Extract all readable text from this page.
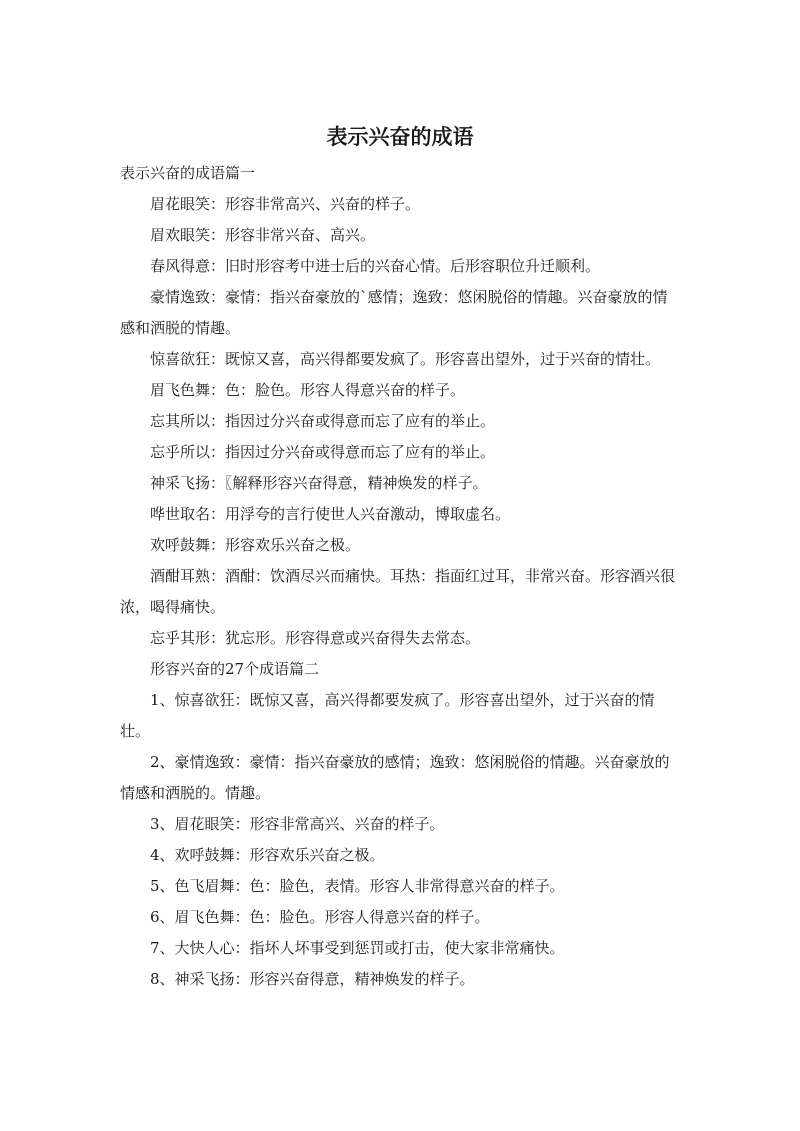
表示兴奋的成语

表示兴奋的成语篇一

眉花眼笑：形容非常高兴、兴奋的样子。

眉欢眼笑：形容非常兴奋、高兴。

春风得意：旧时形容考中进士后的兴奋心情。后形容职位升迁顺利。

豪情逸致：豪情：指兴奋豪放的`感情；逸致：悠闲脱俗的情趣。兴奋豪放的情感和洒脱的情趣。

惊喜欲狂：既惊又喜，高兴得都要发疯了。形容喜出望外，过于兴奋的情壮。

眉飞色舞：色：脸色。形容人得意兴奋的样子。

忘其所以：指因过分兴奋或得意而忘了应有的举止。

忘乎所以：指因过分兴奋或得意而忘了应有的举止。

神采飞扬：〖解释形容兴奋得意，精神焕发的样子。

哗世取名：用浮夸的言行使世人兴奋激动，博取虚名。

欢呼鼓舞：形容欢乐兴奋之极。

酒酣耳熟：酒酣：饮酒尽兴而痛快。耳热：指面红过耳，非常兴奋。形容酒兴很浓，喝得痛快。

忘乎其形：犹忘形。形容得意或兴奋得失去常态。

形容兴奋的27个成语篇二

1、惊喜欲狂：既惊又喜，高兴得都要发疯了。形容喜出望外，过于兴奋的情壮。

2、豪情逸致：豪情：指兴奋豪放的感情；逸致：悠闲脱俗的情趣。兴奋豪放的情感和洒脱的。情趣。

3、眉花眼笑：形容非常高兴、兴奋的样子。

4、欢呼鼓舞：形容欢乐兴奋之极。

5、色飞眉舞：色：脸色，表情。形容人非常得意兴奋的样子。

6、眉飞色舞：色：脸色。形容人得意兴奋的样子。

7、大快人心：指坏人坏事受到惩罚或打击，使大家非常痛快。

8、神采飞扬：形容兴奋得意，精神焕发的样子。
